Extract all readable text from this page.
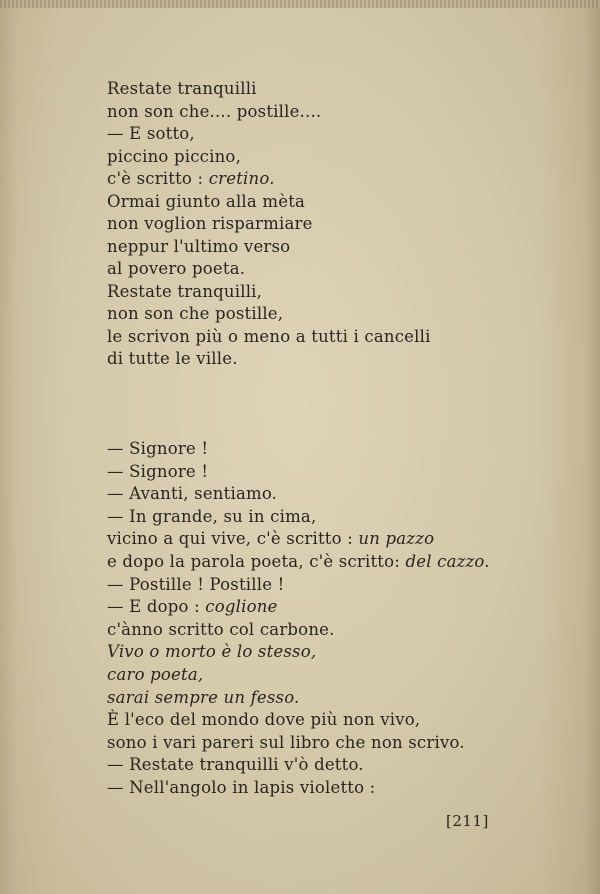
Restate tranquilli
non son che.... postille....
— E sotto,
piccino piccino,
c'è scritto : cretino.
Ormai giunto alla mèta
non voglion risparmiare
neppur l'ultimo verso
al povero poeta.
Restate tranquilli,
non son che postille,
le scrivon più o meno a tutti i cancelli
di tutte le ville.
— Signore !
— Signore !
— Avanti, sentiamo.
— In grande, su in cima,
vicino a qui vive, c'è scritto : un pazzo
e dopo la parola poeta, c'è scritto: del cazzo.
— Postille ! Postille !
— E dopo : coglione
c'ànno scritto col carbone.
Vivo o morto è lo stesso,
caro poeta,
sarai sempre un fesso.
È l'eco del mondo dove più non vivo,
sono i vari pareri sul libro che non scrivo.
— Restate tranquilli v'ò detto.
— Nell'angolo in lapis violetto :
[211]
